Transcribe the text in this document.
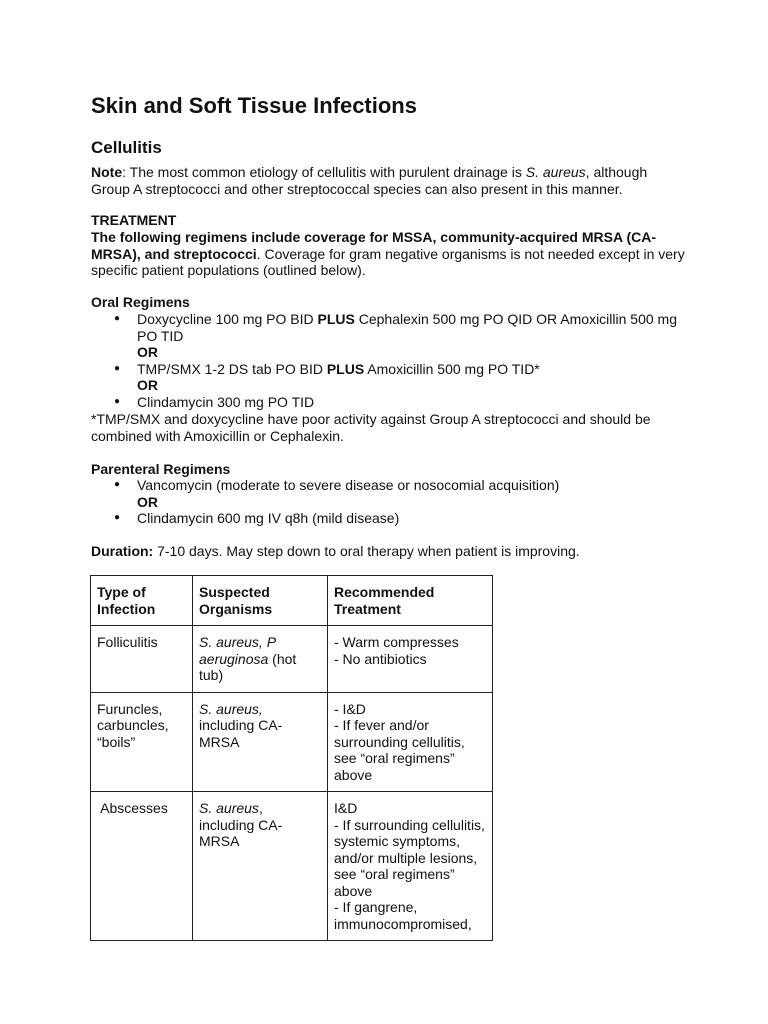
Skin and Soft Tissue Infections
Cellulitis

Note: The most common etiology of cellulitis with purulent drainage is S. aureus, although Group A streptococci and other streptococcal species can also present in this manner.

TREATMENT

The following regimens include coverage for MSSA, community-acquired MRSA (CA-MRSA), and streptococci. Coverage for gram negative organisms is not needed except in very specific patient populations (outlined below).

Oral Regimens

● Doxycycline 100 mg PO BID PLUS Cephalexin 500 mg PO QID OR Amoxicillin 500 mg PO TID
OR
● TMP/SMX 1-2 DS tab PO BID PLUS Amoxicillin 500 mg PO TID*
OR
● Clindamycin 300 mg PO TID

*TMP/SMX and doxycycline have poor activity against Group A streptococci and should be combined with Amoxicillin or Cephalexin.

Parenteral Regimens

● Vancomycin (moderate to severe disease or nosocomial acquisition)
OR
● Clindamycin 600 mg IV q8h (mild disease)

Duration: 7-10 days. May step down to oral therapy when patient is improving.

Type of Infection	Suspected Organisms	Recommended Treatment
Folliculitis	S. aureus, P aeruginosa (hot tub)	- Warm compresses
- No antibiotics

Furuncles, carbuncles, “boils”	S. aureus, including CA-MRSA	- I&D
- If fever and/or surrounding cellulitis, see “oral regimens” above

Abscesses	S. aureus, including CA-MRSA	I&D
- If surrounding cellulitis, systemic symptoms, and/or multiple lesions, see “oral regimens” above
- If gangrene, immunocompromised,
